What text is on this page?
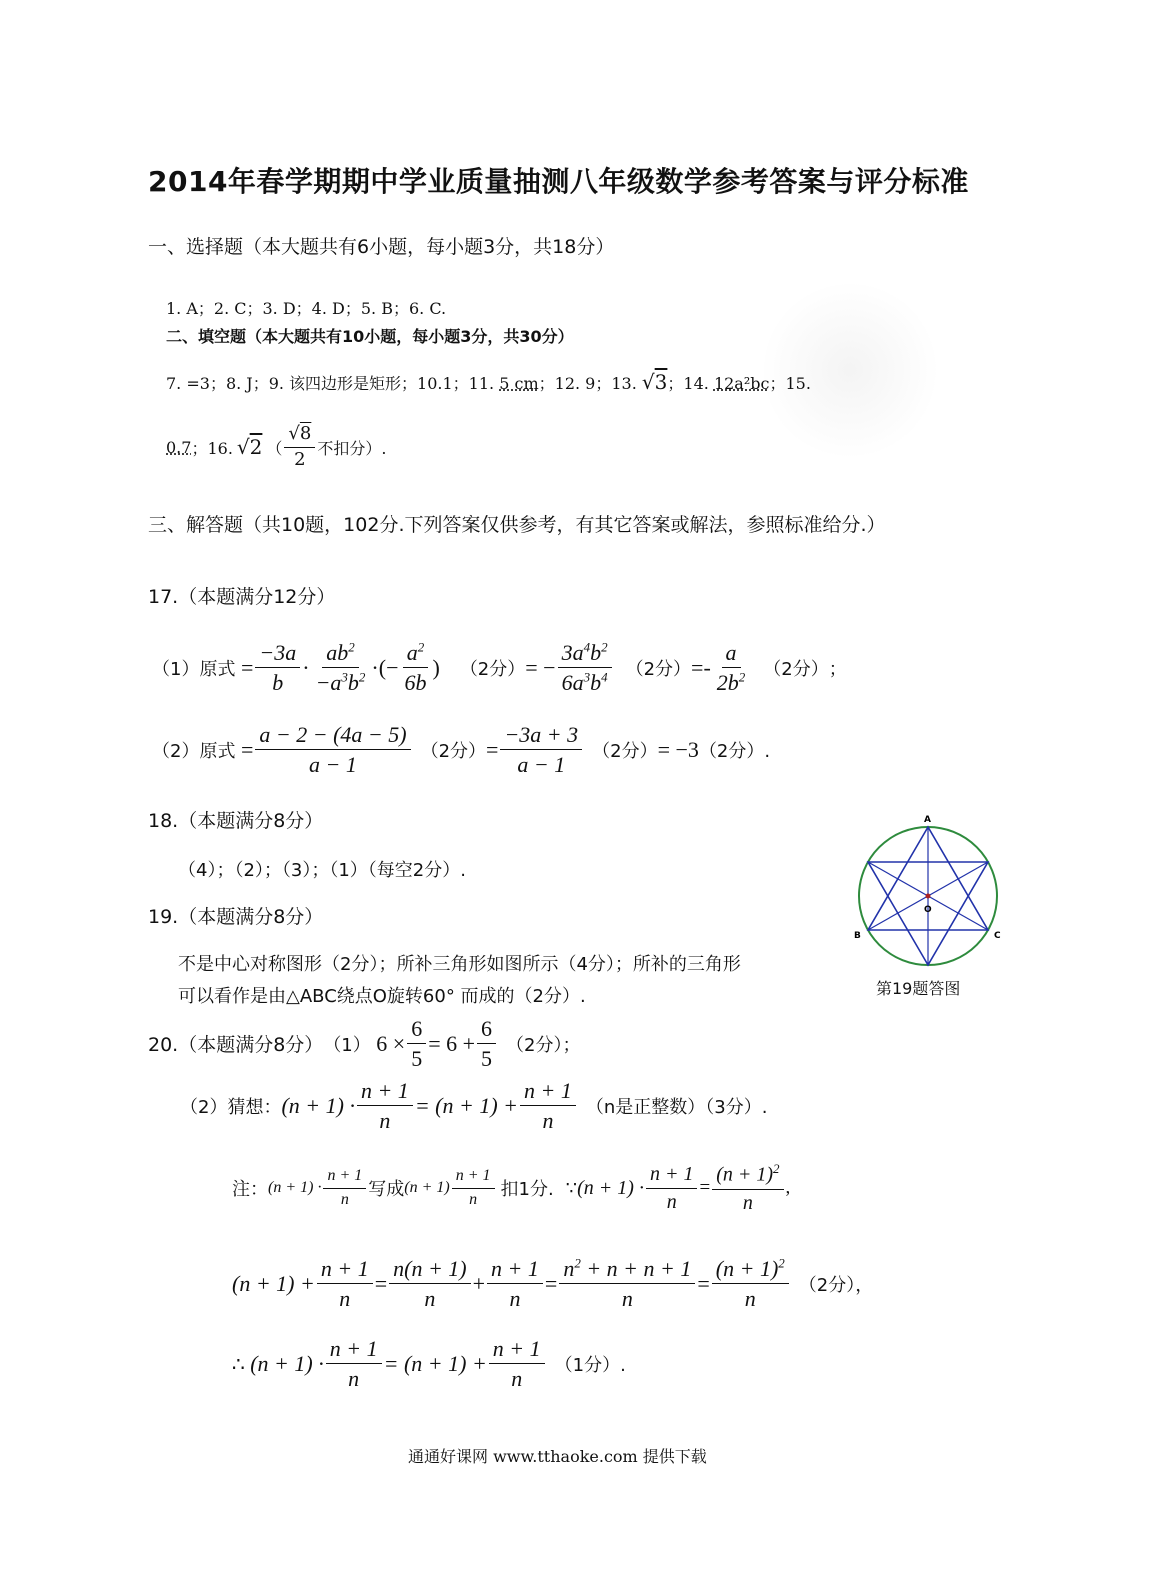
2014年春学期期中学业质量抽测八年级数学参考答案与评分标准
一、选择题（本大题共有6小题，每小题3分，共18分）
1. A；2. C；3. D；4. D；5. B；6. C.
二、填空题（本大题共有10小题，每小题3分，共30分）
7. =3；8. J；9. 该四边形是矩形；10.1；11. 5 cm；12. 9；13. √3；14. 12a²bc；15.
0.7 ；16. √2 （ $\frac{√8}{2}$ 不扣分）.
三、解答题（共10题，102分.下列答案仅供参考，有其它答案或解法，参照标准给分.）
17.（本题满分12分）
（1）原式 = $\frac{-3a}{b} \cdot \frac{ab^2}{-a^3b^2}$ ·(− $\frac{a^2}{6b}$ ) （2分） = − $\frac{3a^4b^2}{6a^3b^4} (2$分） =- $\frac{a}{2b^2} (2$分） ；
（2）原式 = $\frac{a - 2 - (4a - 5)}{a - 1} (2$分） = $\frac{-3a + 3}{a - 1} (2$分） = −3 （2分）.
18.（本题满分8分）
（4）；（2）；（3）；（1）（每空2分）.
19.（本题满分8分）
不是中心对称图形（2分）；所补三角形如图所示（4分）；所补的三角形
可以看作是由△ABC绕点O旋转60° 而成的（2分）.
A
B	C
O
第19题答图
20.（本题满分8分） （1） $6 \times \frac{6}{5} = 6 + \frac{6}{5} (2$分）；
（2）猜想： $(n + 1) \cdot \frac{n + 1}{n} = (n + 1) + \frac{n + 1}{n} (n$是正整数）（3分）.
注： $(n + 1) \cdot \frac{n + 1}{n}$ 写成 $(n + 1) \frac{n + 1}{n}$ 扣1分. ∵ $(n + 1) \cdot \frac{n + 1}{n} = \frac{(n + 1)^2}{n}$ ,
$(n + 1) + \frac{n + 1}{n} = \frac{n(n + 1)}{n} + \frac{n + 1}{n} = \frac{n^2 + n + n + 1}{n} = \frac{(n + 1)^2}{n} (2$分），
∴ $(n + 1) \cdot \frac{n + 1}{n} = (n + 1) + \frac{n + 1}{n} (1$分）.
通通好课网 www.tthaoke.com 提供下载
